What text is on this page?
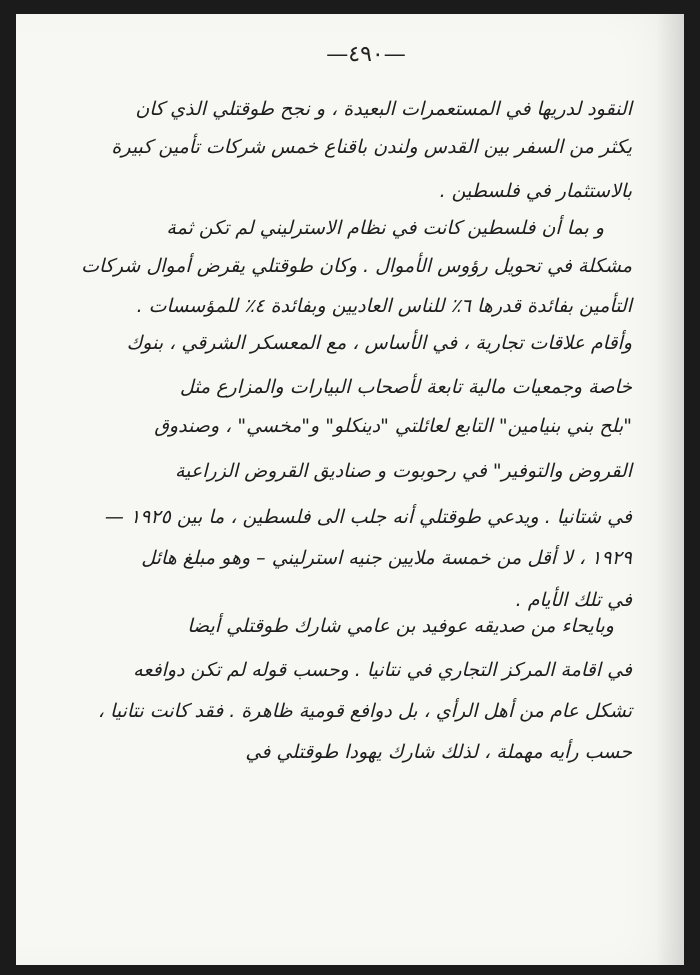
—٤٩٠—
النقود لدريها في المستعمرات البعيدة ، و نجح طوقتلي الذي كان
يكثر من السفر بين القدس ولندن باقناع خمس شركات تأمين كبيرة
بالاستثمار في فلسطين .
و بما أن فلسطين كانت في نظام الاسترليني لم تكن ثمة
مشكلة في تحويل رؤوس الأموال . وكان طوقتلي يقرض أموال شركات
التأمين بفائدة قدرها ٦٪ للناس العاديين وبفائدة ٤٪ للمؤسسات .
وأقام علاقات تجارية ، في الأساس ، مع المعسكر الشرقي ، بنوك
خاصة وجمعيات مالية تابعة لأصحاب البيارات والمزارع مثل
"بلح بني بنيامين" التابع لعائلتي "دينكلو" و"مخسي" ، وصندوق
القروض والتوفير" في رحوبوت و صناديق القروض الزراعية
في شتانيا . ويدعي طوقتلي أنه جلب الى فلسطين ، ما بين ١٩٢٥ —
١٩٢٩ ، لا أقل من خمسة ملايين جنيه استرليني – وهو مبلغ هائل
في تلك الأيام .
وبايحاء من صديقه عوفيد بن عامي شارك طوقتلي أيضا
في اقامة المركز التجاري في نتانيا . وحسب قوله لم تكن دوافعه
تشكل عام من أهل الرأي ، بل دوافع قومية ظاهرة . فقد كانت نتانيا ،
حسب رأيه مهملة ، لذلك شارك يهودا طوقتلي في
